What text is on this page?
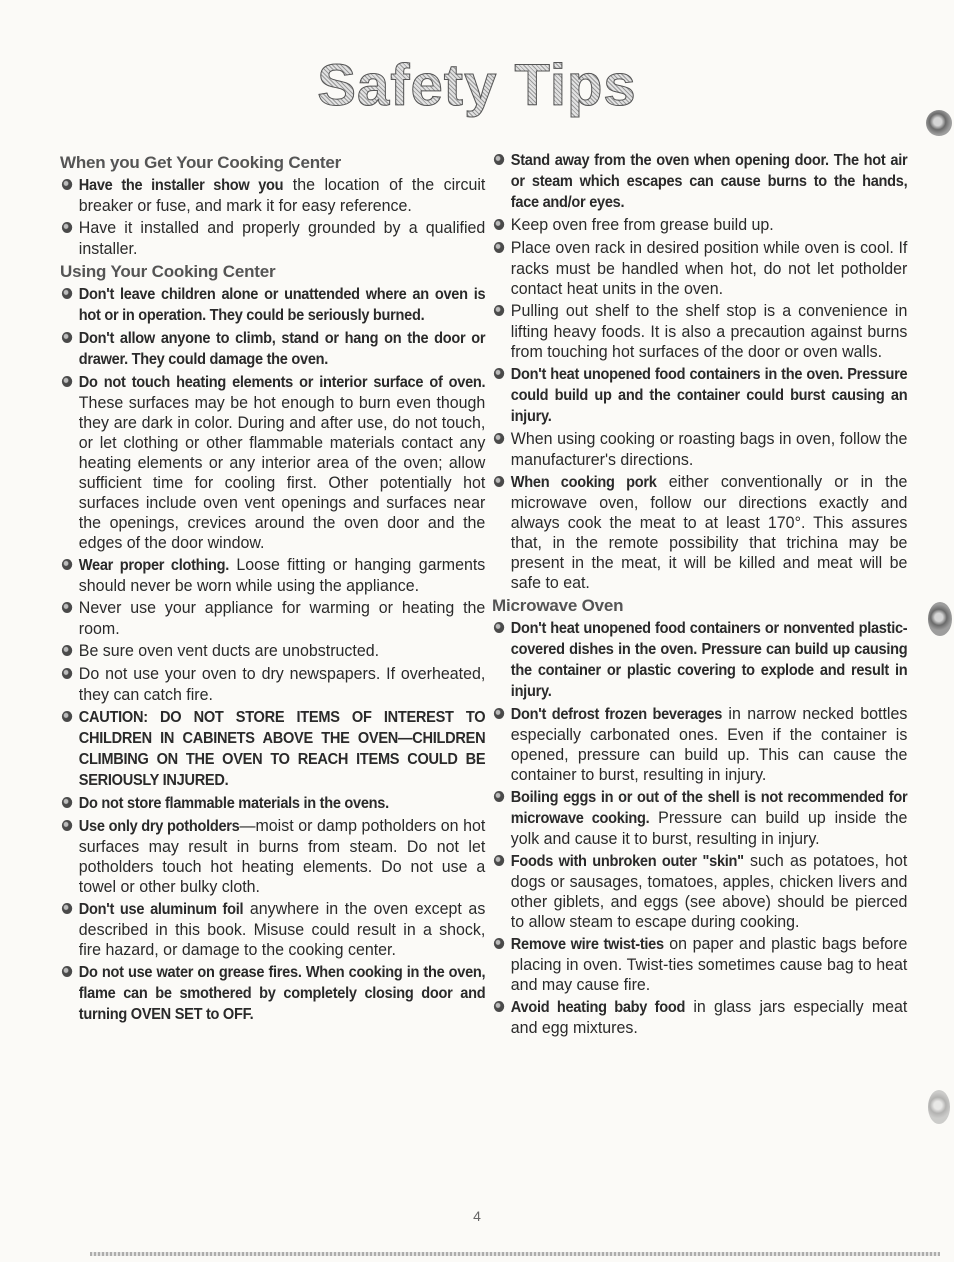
Safety Tips
When you Get Your Cooking Center
Have the installer show you the location of the circuit breaker or fuse, and mark it for easy reference.
Have it installed and properly grounded by a qualified installer.
Using Your Cooking Center
Don't leave children alone or unattended where an oven is hot or in operation. They could be seriously burned.
Don't allow anyone to climb, stand or hang on the door or drawer. They could damage the oven.
Do not touch heating elements or interior surface of oven. These surfaces may be hot enough to burn even though they are dark in color. During and after use, do not touch, or let clothing or other flammable materials contact any heating elements or any interior area of the oven; allow sufficient time for cooling first. Other potentially hot surfaces include oven vent openings and surfaces near the openings, crevices around the oven door and the edges of the door window.
Wear proper clothing. Loose fitting or hanging garments should never be worn while using the appliance.
Never use your appliance for warming or heating the room.
Be sure oven vent ducts are unobstructed.
Do not use your oven to dry newspapers. If overheated, they can catch fire.
CAUTION: DO NOT STORE ITEMS OF INTEREST TO CHILDREN IN CABINETS ABOVE THE OVEN—CHILDREN CLIMBING ON THE OVEN TO REACH ITEMS COULD BE SERIOUSLY INJURED.
Do not store flammable materials in the ovens.
Use only dry potholders—moist or damp potholders on hot surfaces may result in burns from steam. Do not let potholders touch hot heating elements. Do not use a towel or other bulky cloth.
Don't use aluminum foil anywhere in the oven except as described in this book. Misuse could result in a shock, fire hazard, or damage to the cooking center.
Do not use water on grease fires. When cooking in the oven, flame can be smothered by completely closing door and turning OVEN SET to OFF.
Stand away from the oven when opening door. The hot air or steam which escapes can cause burns to the hands, face and/or eyes.
Keep oven free from grease build up.
Place oven rack in desired position while oven is cool. If racks must be handled when hot, do not let potholder contact heat units in the oven.
Pulling out shelf to the shelf stop is a convenience in lifting heavy foods. It is also a precaution against burns from touching hot surfaces of the door or oven walls.
Don't heat unopened food containers in the oven. Pressure could build up and the container could burst causing an injury.
When using cooking or roasting bags in oven, follow the manufacturer's directions.
When cooking pork either conventionally or in the microwave oven, follow our directions exactly and always cook the meat to at least 170°. This assures that, in the remote possibility that trichina may be present in the meat, it will be killed and meat will be safe to eat.
Microwave Oven
Don't heat unopened food containers or nonvented plastic-covered dishes in the oven. Pressure can build up causing the container or plastic covering to explode and result in injury.
Don't defrost frozen beverages in narrow necked bottles especially carbonated ones. Even if the container is opened, pressure can build up. This can cause the container to burst, resulting in injury.
Boiling eggs in or out of the shell is not recommended for microwave cooking. Pressure can build up inside the yolk and cause it to burst, resulting in injury.
Foods with unbroken outer "skin" such as potatoes, hot dogs or sausages, tomatoes, apples, chicken livers and other giblets, and eggs (see above) should be pierced to allow steam to escape during cooking.
Remove wire twist-ties on paper and plastic bags before placing in oven. Twist-ties sometimes cause bag to heat and may cause fire.
Avoid heating baby food in glass jars especially meat and egg mixtures.
4
